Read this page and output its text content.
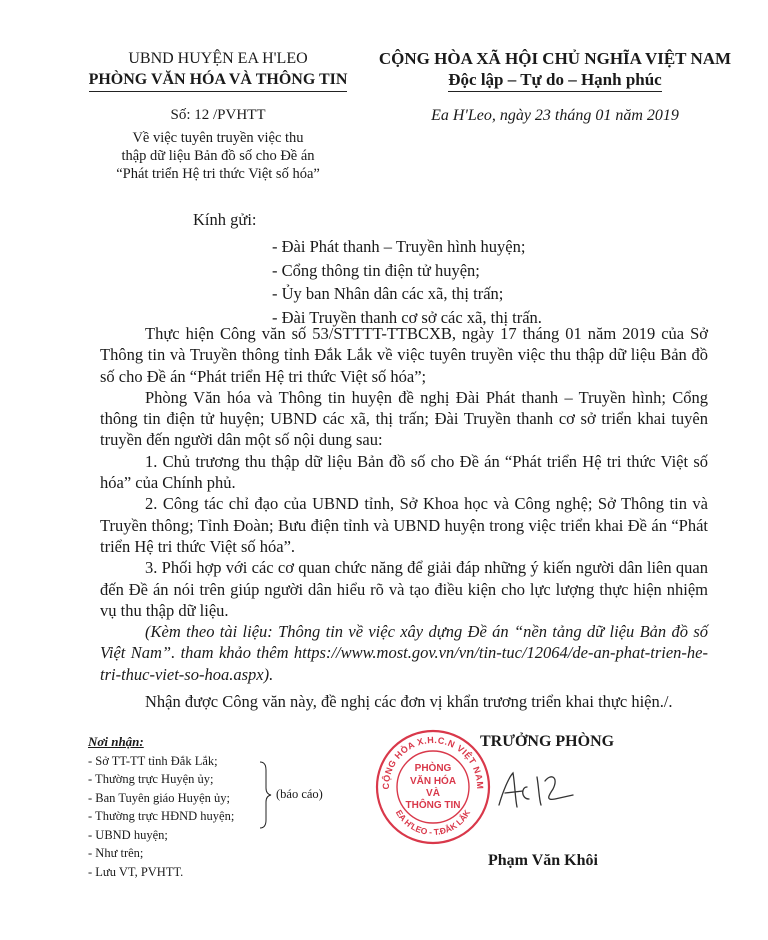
UBND HUYỆN EA H'LEO
PHÒNG VĂN HÓA VÀ THÔNG TIN
CỘNG HÒA XÃ HỘI CHỦ NGHĨA VIỆT NAM
Độc lập – Tự do – Hạnh phúc
Số: 12 /PVHTT
Về việc tuyên truyền việc thu
thập dữ liệu Bản đồ số cho Đề án
“Phát triển Hệ tri thức Việt số hóa”
Ea H'Leo, ngày 23 tháng 01 năm 2019
Kính gửi:
- Đài Phát thanh – Truyền hình huyện;
- Cổng thông tin điện tử huyện;
- Ủy ban Nhân dân các xã, thị trấn;
- Đài Truyền thanh cơ sở các xã, thị trấn.

Thực hiện Công văn số 53/STTTT-TTBCXB, ngày 17 tháng 01 năm 2019 của Sở Thông tin và Truyền thông tỉnh Đắk Lắk về việc tuyên truyền việc thu thập dữ liệu Bản đồ số cho Đề án “Phát triển Hệ tri thức Việt số hóa”;

Phòng Văn hóa và Thông tin huyện đề nghị Đài Phát thanh – Truyền hình; Cổng thông tin điện tử huyện; UBND các xã, thị trấn; Đài Truyền thanh cơ sở triển khai tuyên truyền đến người dân một số nội dung sau:

1. Chủ trương thu thập dữ liệu Bản đồ số cho Đề án “Phát triển Hệ tri thức Việt số hóa” của Chính phủ.

2. Công tác chỉ đạo của UBND tỉnh, Sở Khoa học và Công nghệ; Sở Thông tin và Truyền thông; Tỉnh Đoàn; Bưu điện tỉnh và UBND huyện trong việc triển khai Đề án “Phát triển Hệ tri thức Việt số hóa”.

3. Phối hợp với các cơ quan chức năng để giải đáp những ý kiến người dân liên quan đến Đề án nói trên giúp người dân hiểu rõ và tạo điều kiện cho lực lượng thực hiện nhiệm vụ thu thập dữ liệu.

(Kèm theo tài liệu: Thông tin về việc xây dựng Đề án “nền tảng dữ liệu Bản đồ số Việt Nam”. tham khảo thêm https://www.most.gov.vn/vn/tin-tuc/12064/de-an-phat-trien-he-tri-thuc-viet-so-hoa.aspx).

Nhận được Công văn này, đề nghị các đơn vị khẩn trương triển khai thực hiện./.

Nơi nhận:
- Sở TT-TT tỉnh Đắk Lắk;
- Thường trực Huyện ủy;
- Ban Tuyên giáo Huyện ủy;
- Thường trực HĐND huyện;
- UBND huyện;
- Như trên;
- Lưu VT, PVHTT.
(báo cáo)
TRƯỞNG PHÒNG
CỘNG HÒA X.H.C.N VIỆT NAM
EA H'LEO - T.ĐẮK LẮK
PHÒNG
VĂN HÓA
VÀ
THÔNG TIN
Phạm Văn Khôi
